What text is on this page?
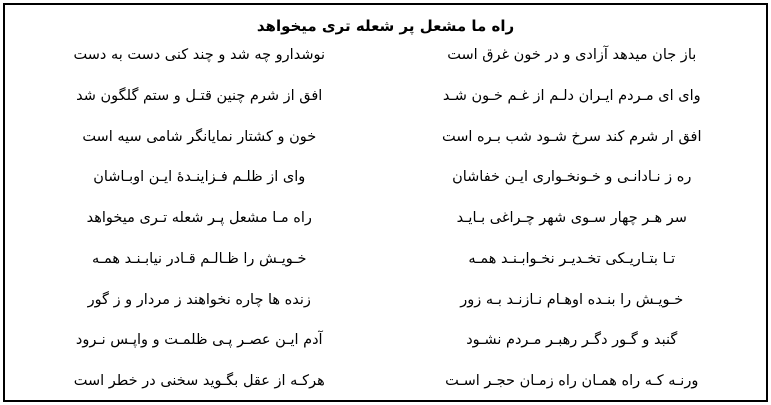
راه ما مشعل پر شعله تری میخواهد
باز جان میدهد آزادی و در خون غرق است
وای ای مـردم ایـران دلـم از غـم خـون شـد
افق ار شرم کند سرخ شـود شب بـره است
ره ز نـادانـی و خـونخـواری ایـن خفاشان
سر هـر چهار سـوی شهر چـراغی بـایـد
تـا بتـاریـکی تخـدیـر نخـوابـنـد همـه
خـویـش را بنـده اوهـام نـازنـد بـه زور
گنبد و گـور دگـر رهبـر مـردم نشـود
ورنـه کـه راه همـان راه زمـان حجـر اسـت
نوشدارو چه شد و چند کنی دست به دست
افق از شرم چنین قتـل و ستم گلگون شد
خون و کشتار نمایانگر شامی سیه است
وای از ظلـم فـزاینـدهٔ ایـن اوبـاشان
راه مـا مشعل پـر شعله تـری میخواهد
خـویـش را ظـالـم قـادر نیابـنـد همـه
زنده ها چاره نخواهند ز مردار و ز گور
آدم ایـن عصـر پـی ظلمـت و واپـس نـرود
هرکـه از عقل بگـوید سخنی در خطر است
